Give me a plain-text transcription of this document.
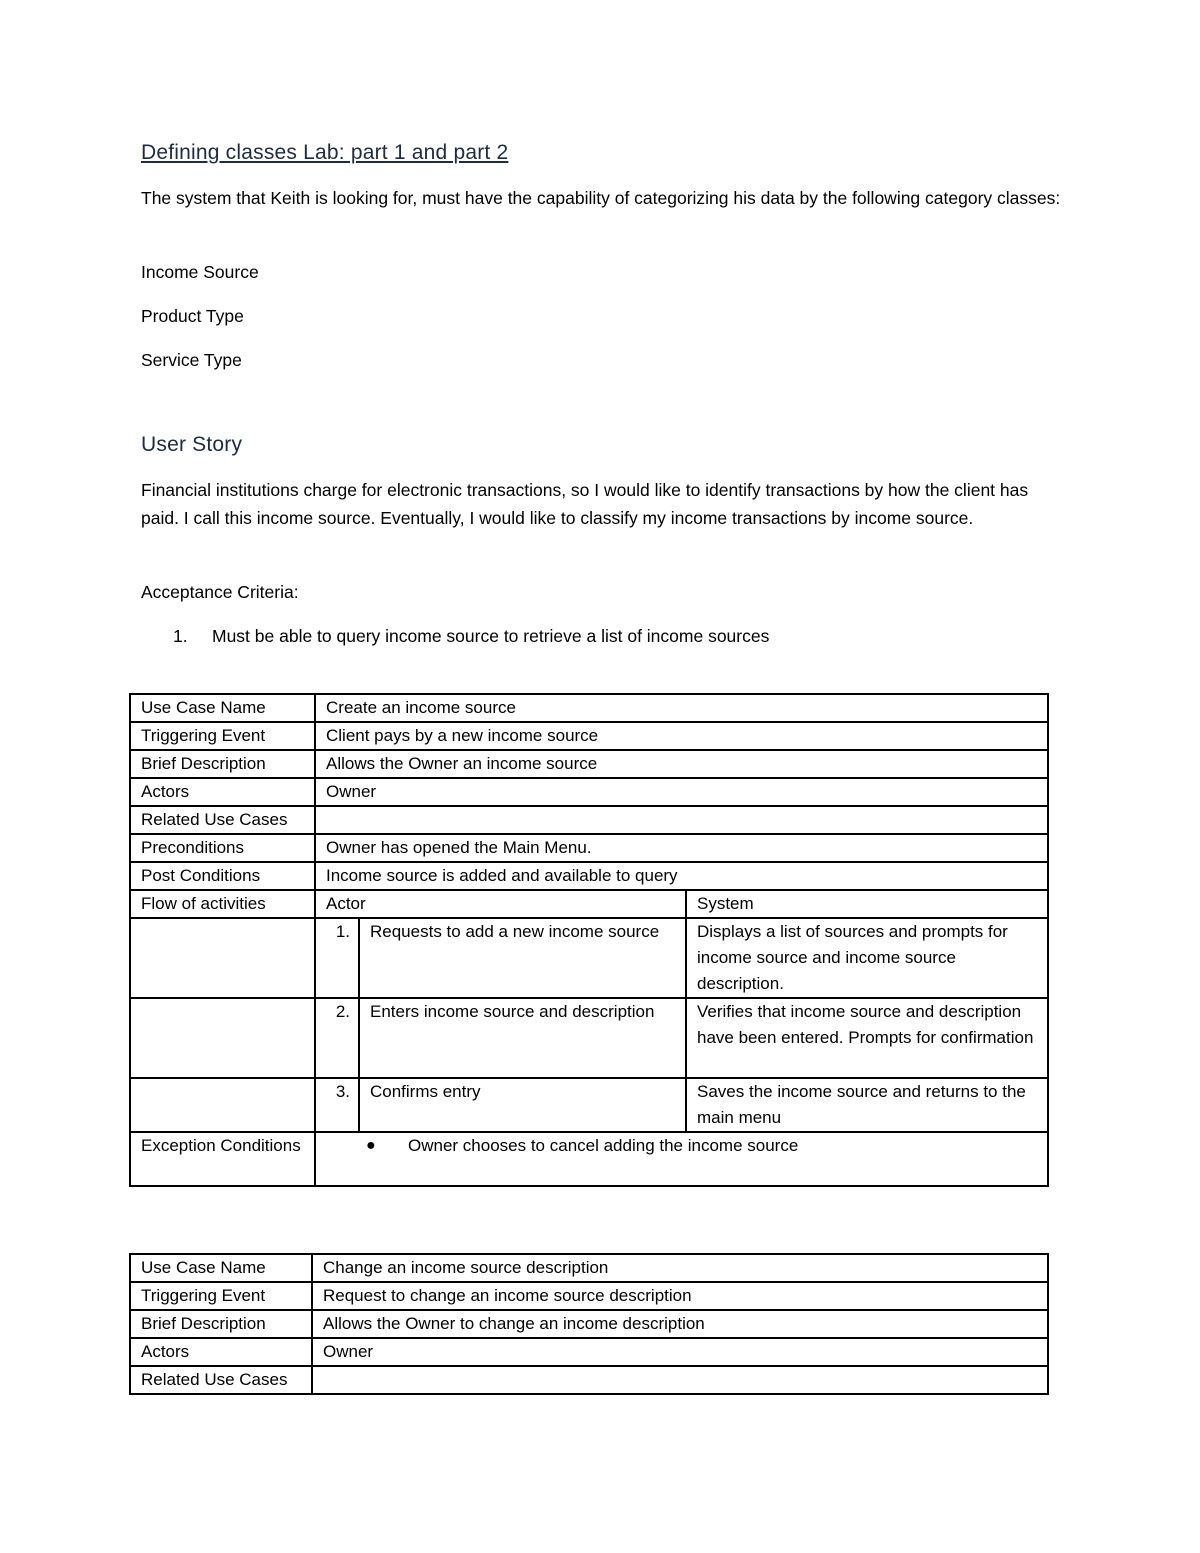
Defining classes Lab: part 1 and part 2
The system that Keith is looking for, must have the capability of categorizing his data by the following category classes:
Income Source
Product Type
Service Type
User Story
Financial institutions charge for electronic transactions, so I would like to identify transactions by how the client has paid. I call this income source. Eventually, I would like to classify my income transactions by income source.
Acceptance Criteria:
1. Must be able to query income source to retrieve a list of income sources
Use Case Name	Create an income source		
Triggering Event	Client pays by a new income source		
Brief Description	Allows the Owner an income source		
Actors	Owner		
Related Use Cases			
Preconditions	Owner has opened the Main Menu.		
Post Conditions	Income source is added and available to query		
Flow of activities	Actor		System
	1.	Requests to add a new income source	Displays a list of sources and prompts for income source and income source description.
	2.	Enters income source and description	Verifies that income source and description have been entered. Prompts for confirmation
	3.	Confirms entry	Saves the income source and returns to the main menu
Exception Conditions	● Owner chooses to cancel adding the income source		
Use Case Name	Change an income source description
Triggering Event	Request to change an income source description
Brief Description	Allows the Owner to change an income description
Actors	Owner
Related Use Cases	
